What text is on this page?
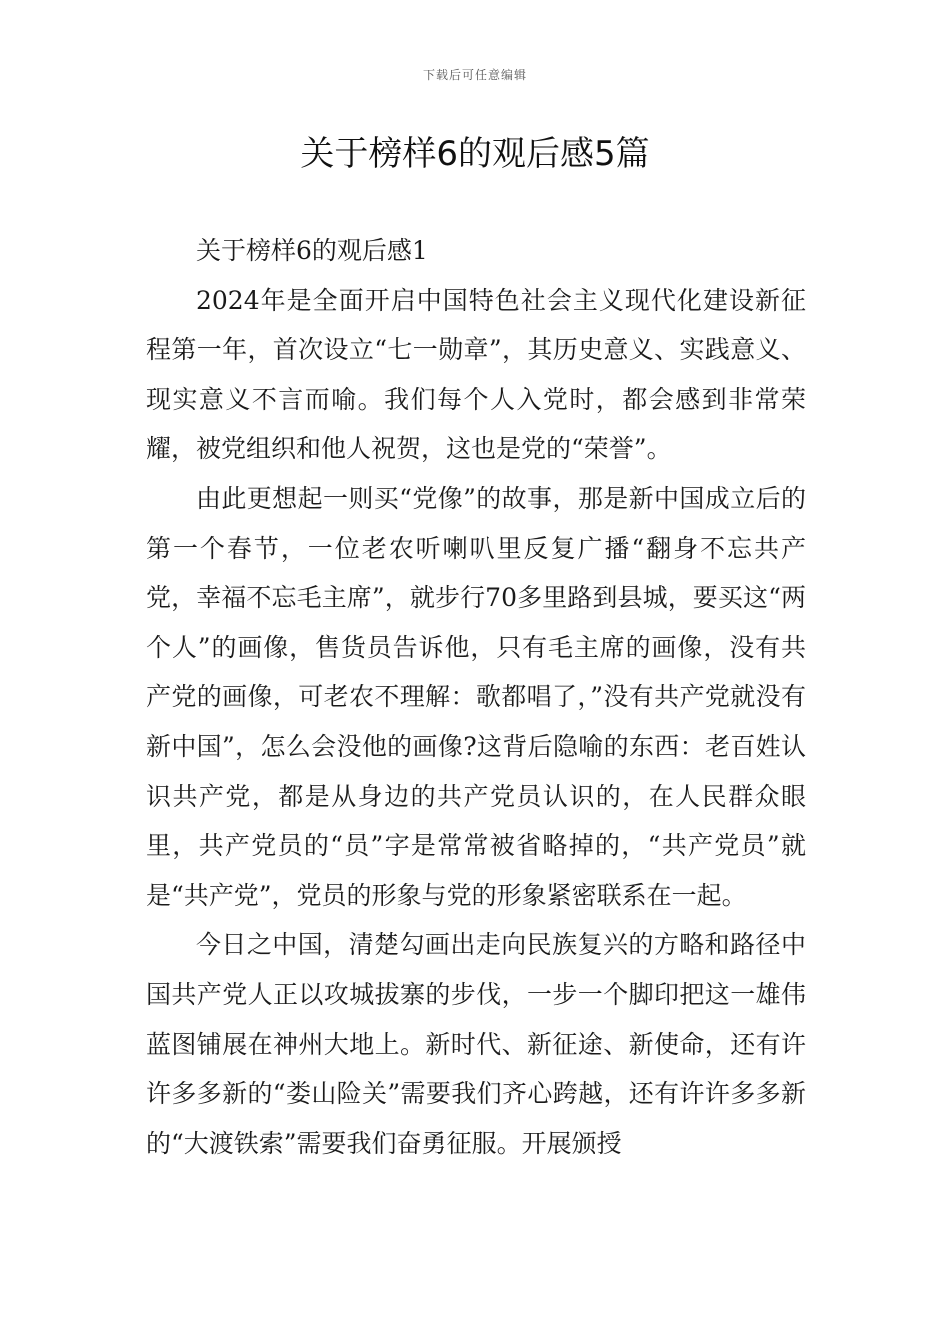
下载后可任意编辑
关于榜样6的观后感5篇

关于榜样6的观后感1

2024年是全面开启中国特色社会主义现代化建设新征程第一年，首次设立“七一勋章”，其历史意义、实践意义、现实意义不言而喻。我们每个人入党时，都会感到非常荣耀，被党组织和他人祝贺，这也是党的“荣誉”。

由此更想起一则买“党像”的故事，那是新中国成立后的第一个春节，一位老农听喇叭里反复广播“翻身不忘共产党，幸福不忘毛主席”，就步行70多里路到县城，要买这“两个人”的画像，售货员告诉他，只有毛主席的画像，没有共产党的画像，可老农不理解：歌都唱了，”没有共产党就没有新中国”，怎么会没他的画像?这背后隐喻的东西：老百姓认识共产党，都是从身边的共产党员认识的，在人民群众眼里，共产党员的“员”字是常常被省略掉的，“共产党员”就是“共产党”，党员的形象与党的形象紧密联系在一起。

今日之中国，清楚勾画出走向民族复兴的方略和路径中国共产党人正以攻城拔寨的步伐，一步一个脚印把这一雄伟蓝图铺展在神州大地上。新时代、新征途、新使命，还有许许多多新的“娄山险关”需要我们齐心跨越，还有许许多多新的“大渡铁索”需要我们奋勇征服。开展颁授
